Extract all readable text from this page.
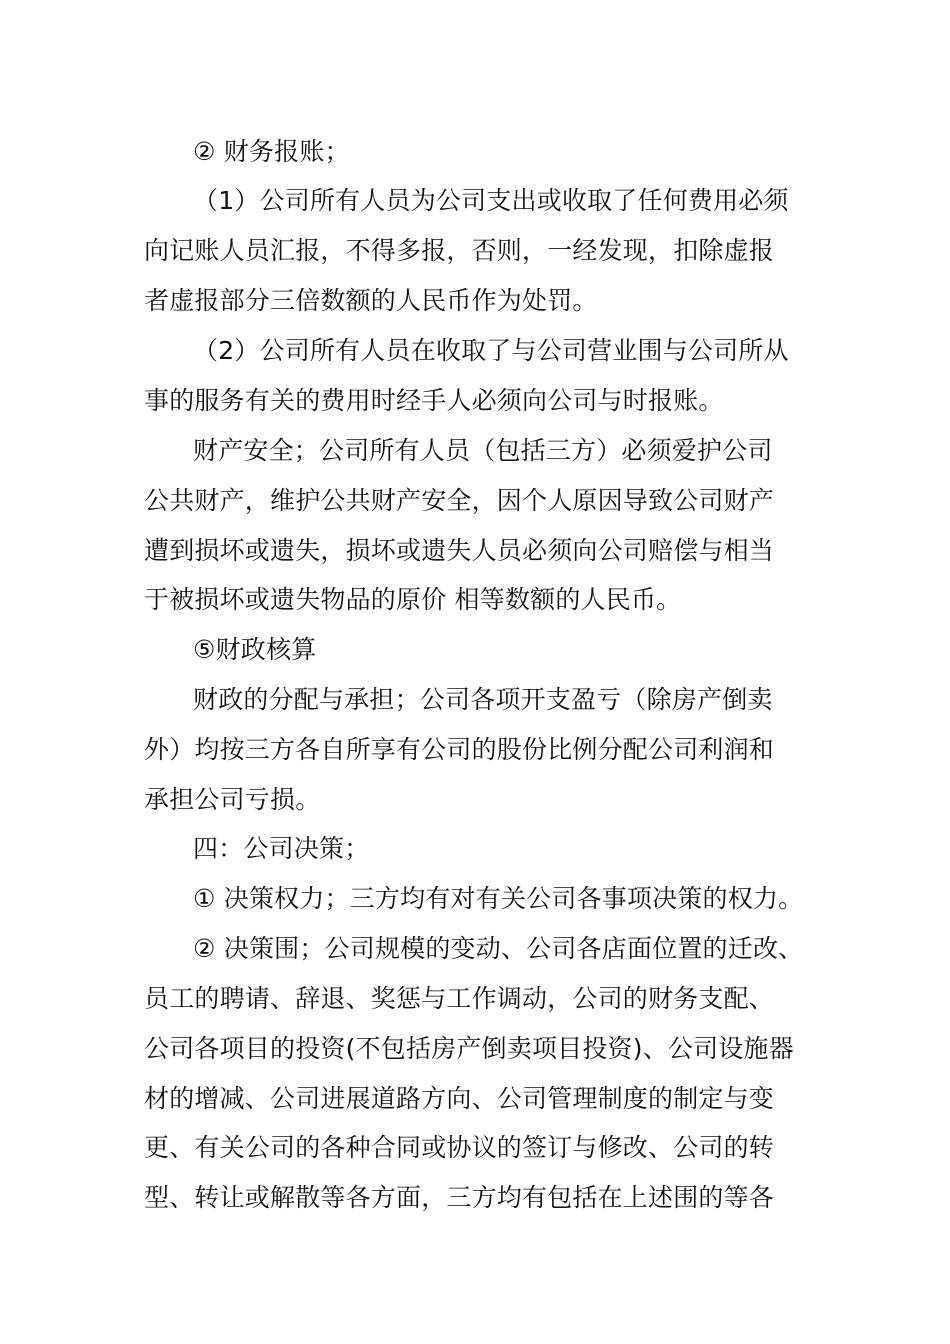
② 财务报账；
（1）公司所有人员为公司支出或收取了任何费用必须
向记账人员汇报，不得多报，否则，一经发现，扣除虚报
者虚报部分三倍数额的人民币作为处罚。
（2）公司所有人员在收取了与公司营业围与公司所从
事的服务有关的费用时经手人必须向公司与时报账。
财产安全；公司所有人员（包括三方）必须爱护公司
公共财产，维护公共财产安全，因个人原因导致公司财产
遭到损坏或遗失，损坏或遗失人员必须向公司赔偿与相当
于被损坏或遗失物品的原价 相等数额的人民币。
⑤财政核算
财政的分配与承担；公司各项开支盈亏（除房产倒卖
外）均按三方各自所享有公司的股份比例分配公司利润和
承担公司亏损。
四：公司决策；
① 决策权力；三方均有对有关公司各事项决策的权力。
② 决策围；公司规模的变动、公司各店面位置的迁改、
员工的聘请、辞退、奖惩与工作调动，公司的财务支配、
公司各项目的投资(不包括房产倒卖项目投资)、公司设施器
材的增减、公司进展道路方向、公司管理制度的制定与变
更、有关公司的各种合同或协议的签订与修改、公司的转
型、转让或解散等各方面，三方均有包括在上述围的等各
